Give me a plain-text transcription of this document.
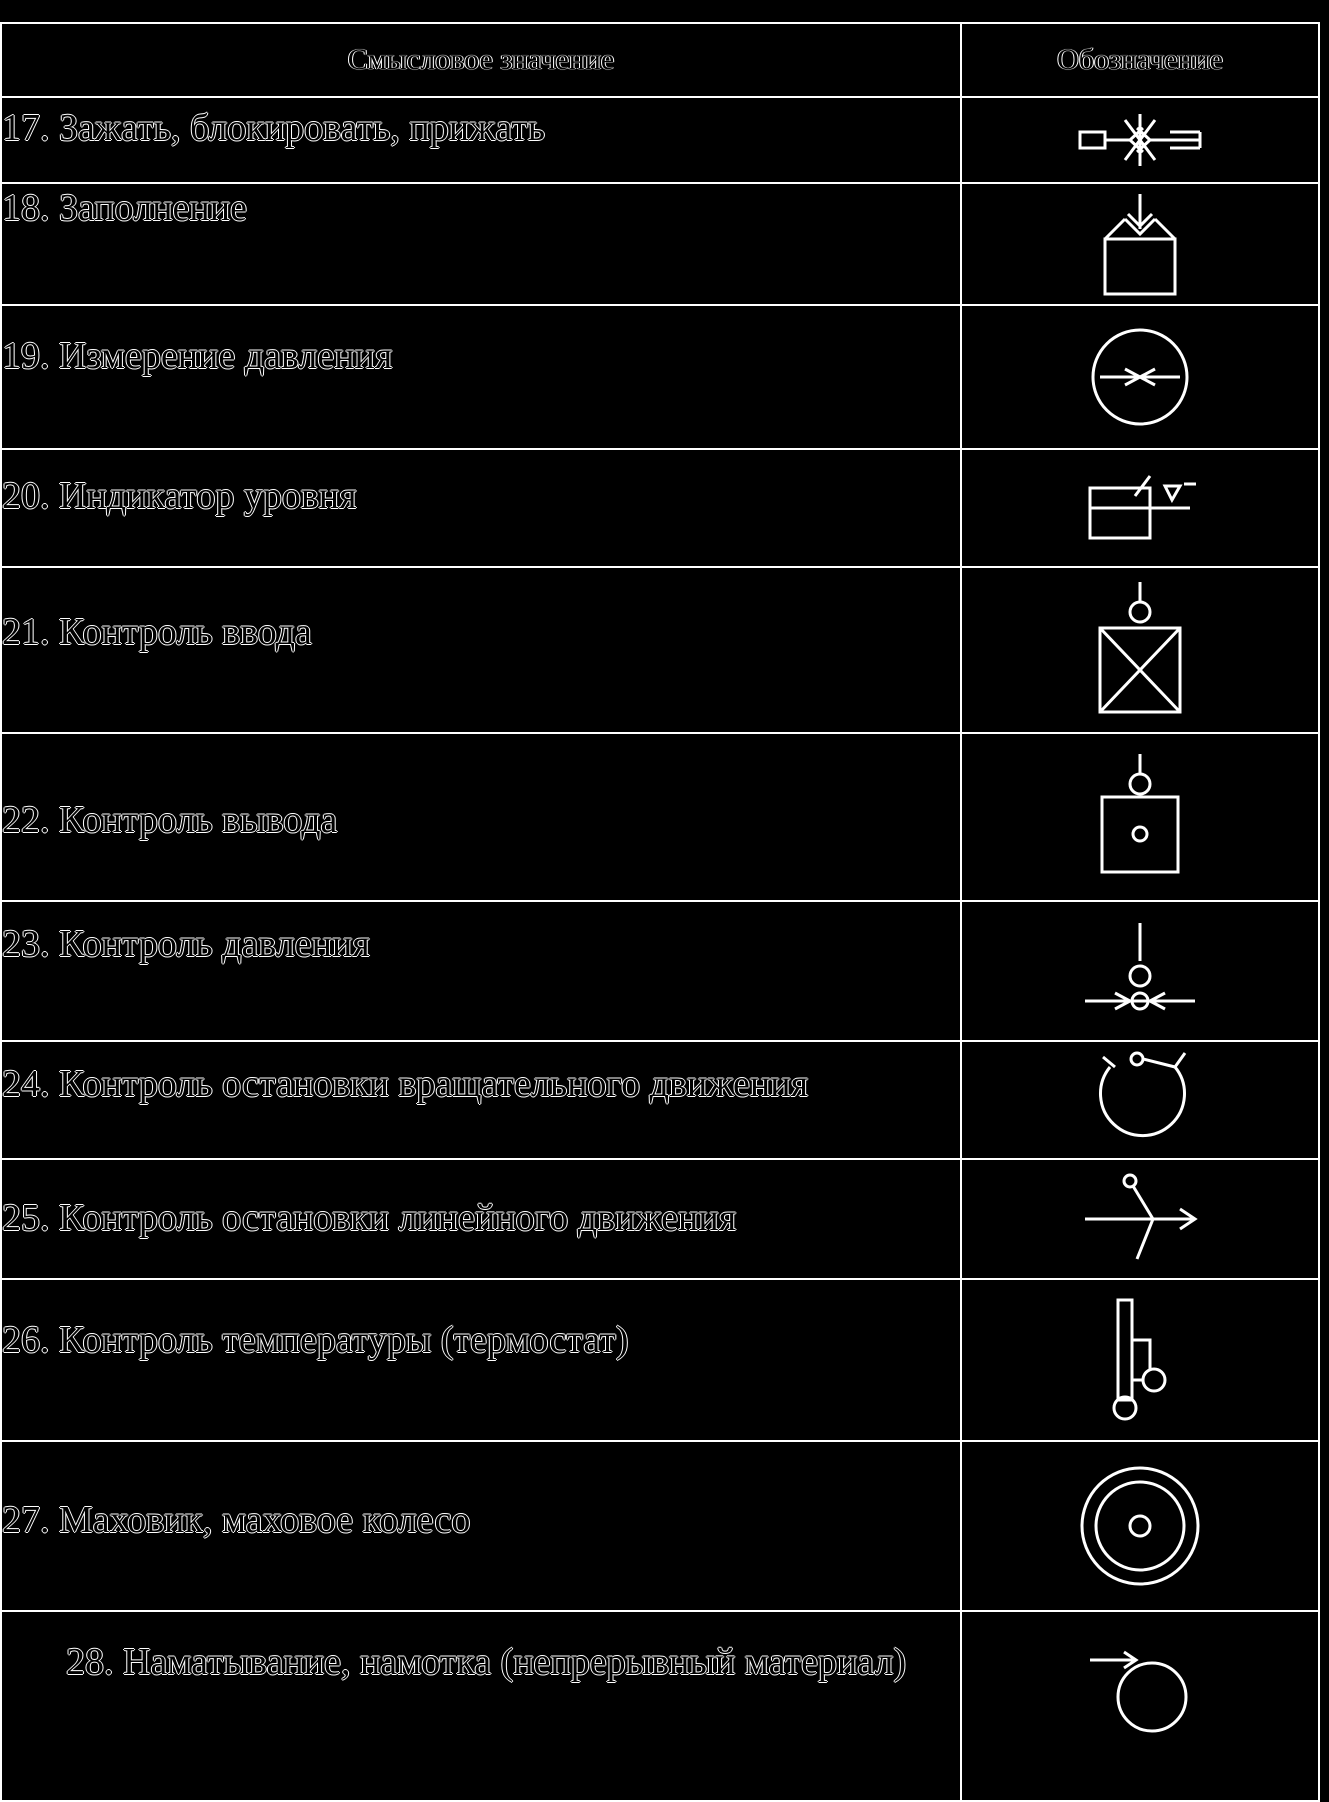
Смысловое значение	Обозначение
17. Зажать, блокировать, прижать	

18. Заполнение	

19. Измерение давления	

20. Индикатор уровня	

21. Контроль ввода	

22. Контроль вывода	

23. Контроль давления	

24. Контроль остановки вращательного движения	

25. Контроль остановки линейного движения	

26. Контроль температуры (термостат)	

27. Маховик, маховое колесо	

28. Наматывание, намотка (непрерывный материал)	
